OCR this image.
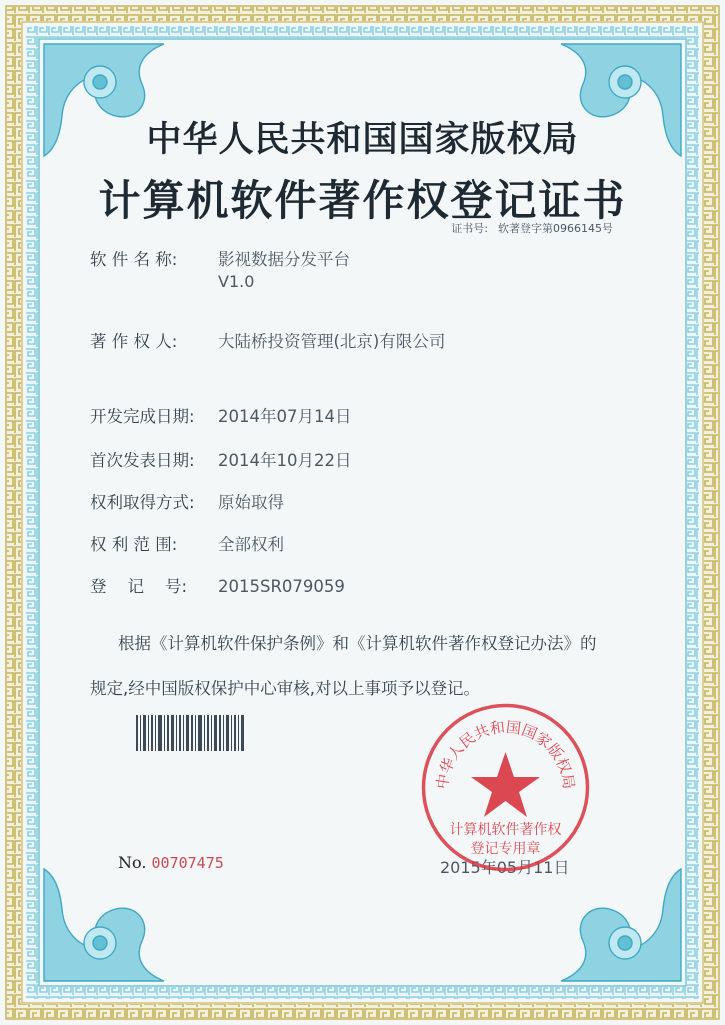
中华人民共和国国家版权局
计算机软件著作权登记证书
证书号: 软著登字第0966145号
软 件 名 称: 影视数据分发平台
V1.0
著 作 权 人: 大陆桥投资管理(北京)有限公司
开发完成日期: 2014年07月14日
首次发表日期: 2014年10月22日
权利取得方式: 原始取得
权 利 范 围: 全部权利
登    记    号: 2015SR079059
根据《计算机软件保护条例》和《计算机软件著作权登记办法》的
规定,经中国版权保护中心审核,对以上事项予以登记。
No. 00707475	2015年05月11日
中华人民共和国国家版权局
计算机软件著作权
登记专用章
